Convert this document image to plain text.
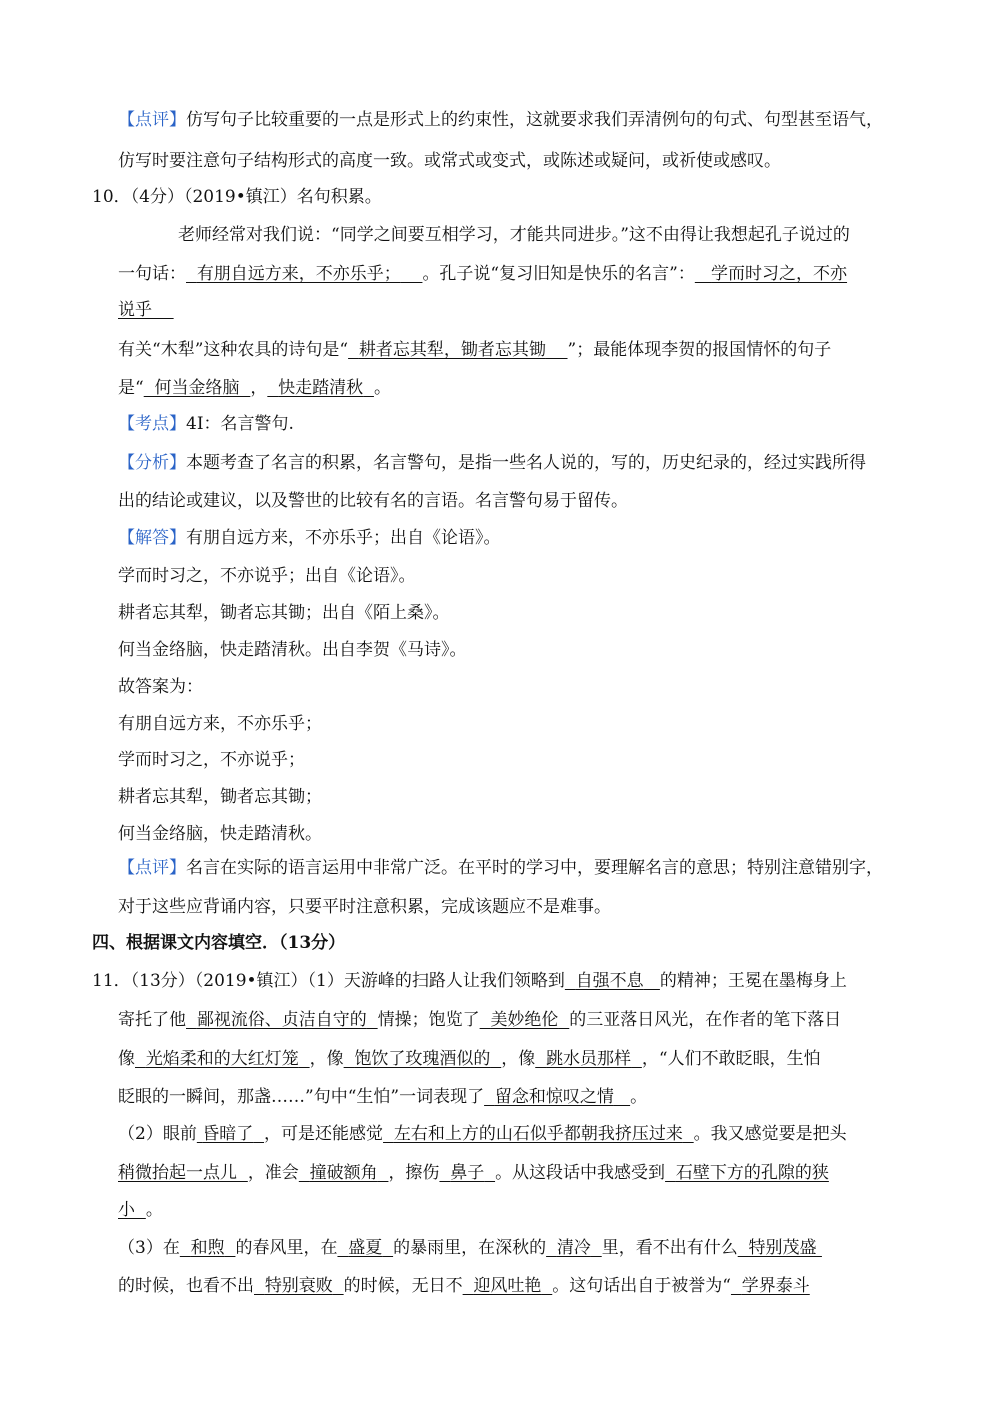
【点评】仿写句子比较重要的一点是形式上的约束性，这就要求我们弄清例句的句式、句型甚至语气，
仿写时要注意句子结构形式的高度一致。或常式或变式，或陈述或疑问，或祈使或感叹。
10．（4分）（2019•镇江）名句积累。
老师经常对我们说：“同学之间要互相学习，才能共同进步。”这不由得让我想起孔子说过的
一句话： 有朋自远方来，不亦乐乎； 。孔子说“复习旧知是快乐的名言”： 学而时习之，不亦
说乎
有关“木犁”这种农具的诗句是“ 耕者忘其犁，锄者忘其锄 ”；最能体现李贺的报国情怀的句子
是“ 何当金络脑 ， 快走踏清秋 。
【考点】4I：名言警句.
【分析】本题考查了名言的积累，名言警句，是指一些名人说的，写的，历史纪录的，经过实践所得
出的结论或建议，以及警世的比较有名的言语。名言警句易于留传。
【解答】有朋自远方来，不亦乐乎；出自《论语》。
学而时习之，不亦说乎；出自《论语》。
耕者忘其犁，锄者忘其锄；出自《陌上桑》。
何当金络脑，快走踏清秋。出自李贺《马诗》。
故答案为：
有朋自远方来，不亦乐乎；
学而时习之，不亦说乎；
耕者忘其犁，锄者忘其锄；
何当金络脑，快走踏清秋。
【点评】名言在实际的语言运用中非常广泛。在平时的学习中，要理解名言的意思；特别注意错别字，
对于这些应背诵内容，只要平时注意积累，完成该题应不是难事。
四、根据课文内容填空．（13分）
11．（13分）（2019•镇江）（1）天游峰的扫路人让我们领略到 自强不息 的精神；王冕在墨梅身上
寄托了他 鄙视流俗、贞洁自守的 情操；饱览了 美妙绝伦 的三亚落日风光，在作者的笔下落日
像 光焰柔和的大红灯笼 ，像 饱饮了玫瑰酒似的 ，像 跳水员那样 ，“人们不敢眨眼，生怕
眨眼的一瞬间，那盏……”句中“生怕”一词表现了 留念和惊叹之情 。
（2）眼前 昏暗了 ，可是还能感觉 左右和上方的山石似乎都朝我挤压过来 。我又感觉要是把头
稍微抬起一点儿 ，准会 撞破额角 ，擦伤 鼻子 。从这段话中我感受到 石壁下方的孔隙的狭
小 。
（3）在 和煦 的春风里，在 盛夏 的暴雨里，在深秋的 清冷 里，看不出有什么 特别茂盛
的时候，也看不出 特别衰败 的时候，无日不 迎风吐艳 。这句话出自于被誉为“ 学界泰斗
